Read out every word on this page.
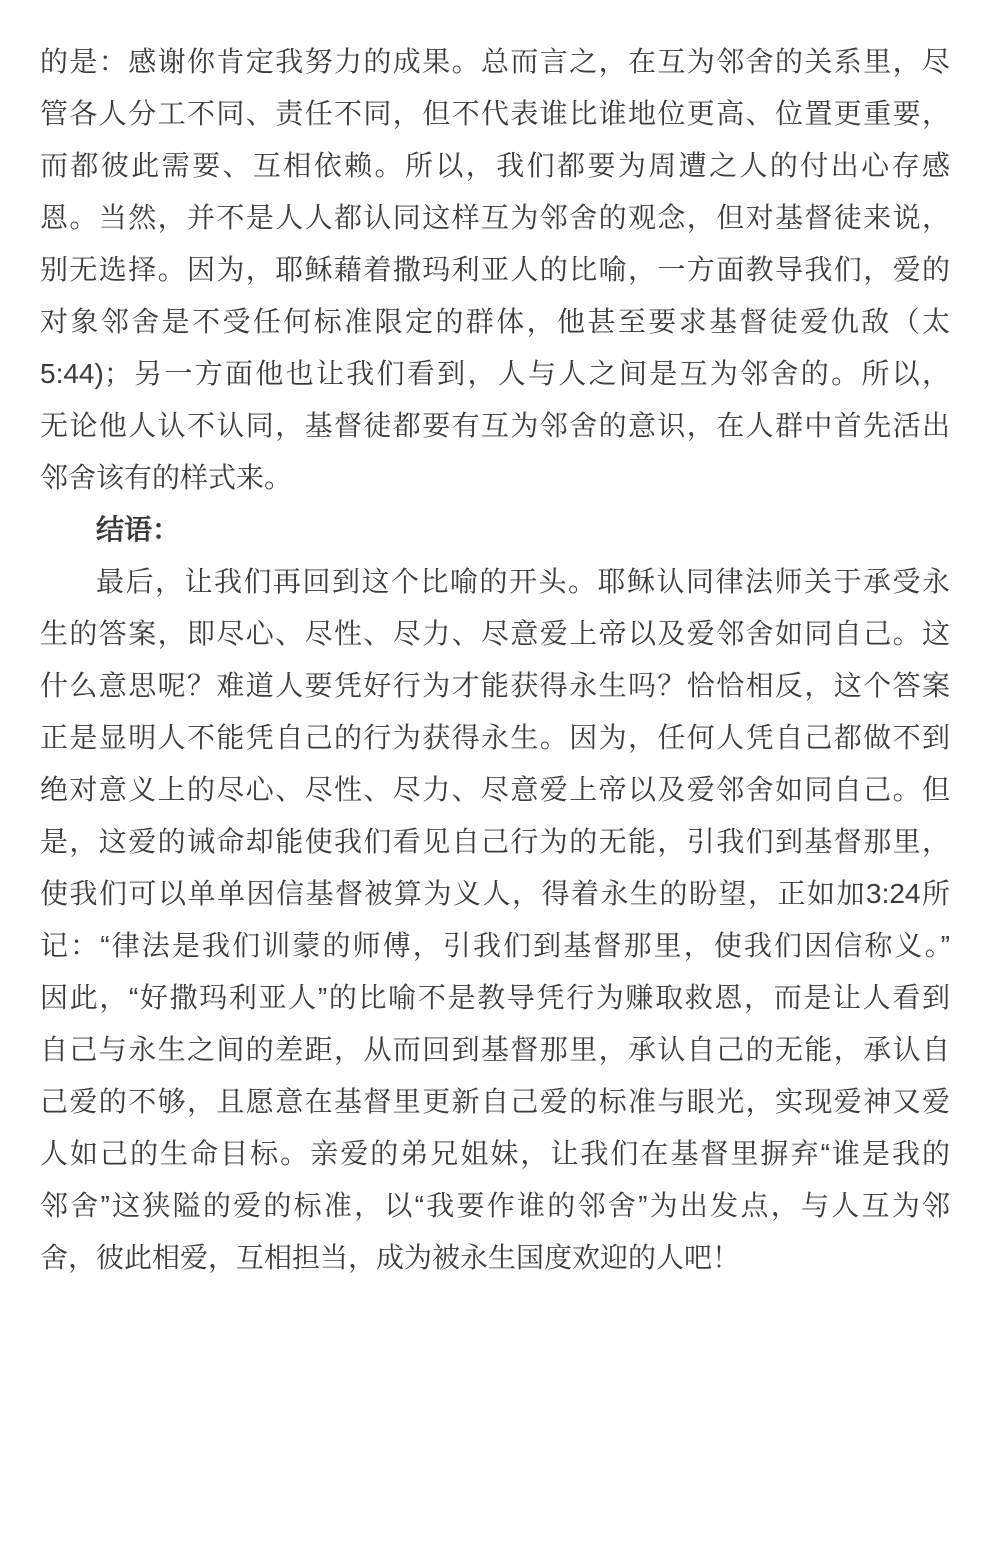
的是：感谢你肯定我努力的成果。总而言之，在互为邻舍的关系里，尽
管各人分工不同、责任不同，但不代表谁比谁地位更高、位置更重要，
而都彼此需要、互相依赖。所以，我们都要为周遭之人的付出心存感
恩。当然，并不是人人都认同这样互为邻舍的观念，但对基督徒来说，
别无选择。因为，耶稣藉着撒玛利亚人的比喻，一方面教导我们，爱的
对象邻舍是不受任何标准限定的群体，他甚至要求基督徒爱仇敌（太
5:44)；另一方面他也让我们看到，人与人之间是互为邻舍的。所以，
无论他人认不认同，基督徒都要有互为邻舍的意识，在人群中首先活出
邻舍该有的样式来。
结语：
最后，让我们再回到这个比喻的开头。耶稣认同律法师关于承受永
生的答案，即尽心、尽性、尽力、尽意爱上帝以及爱邻舍如同自己。这
什么意思呢？难道人要凭好行为才能获得永生吗？恰恰相反，这个答案
正是显明人不能凭自己的行为获得永生。因为，任何人凭自己都做不到
绝对意义上的尽心、尽性、尽力、尽意爱上帝以及爱邻舍如同自己。但
是，这爱的诫命却能使我们看见自己行为的无能，引我们到基督那里，
使我们可以单单因信基督被算为义人，得着永生的盼望，正如加3:24所
记：“律法是我们训蒙的师傅，引我们到基督那里，使我们因信称义。”
因此，“好撒玛利亚人”的比喻不是教导凭行为赚取救恩，而是让人看到
自己与永生之间的差距，从而回到基督那里，承认自己的无能，承认自
己爱的不够，且愿意在基督里更新自己爱的标准与眼光，实现爱神又爱
人如己的生命目标。亲爱的弟兄姐妹，让我们在基督里摒弃“谁是我的
邻舍”这狭隘的爱的标准，以“我要作谁的邻舍”为出发点，与人互为邻
舍，彼此相爱，互相担当，成为被永生国度欢迎的人吧！
